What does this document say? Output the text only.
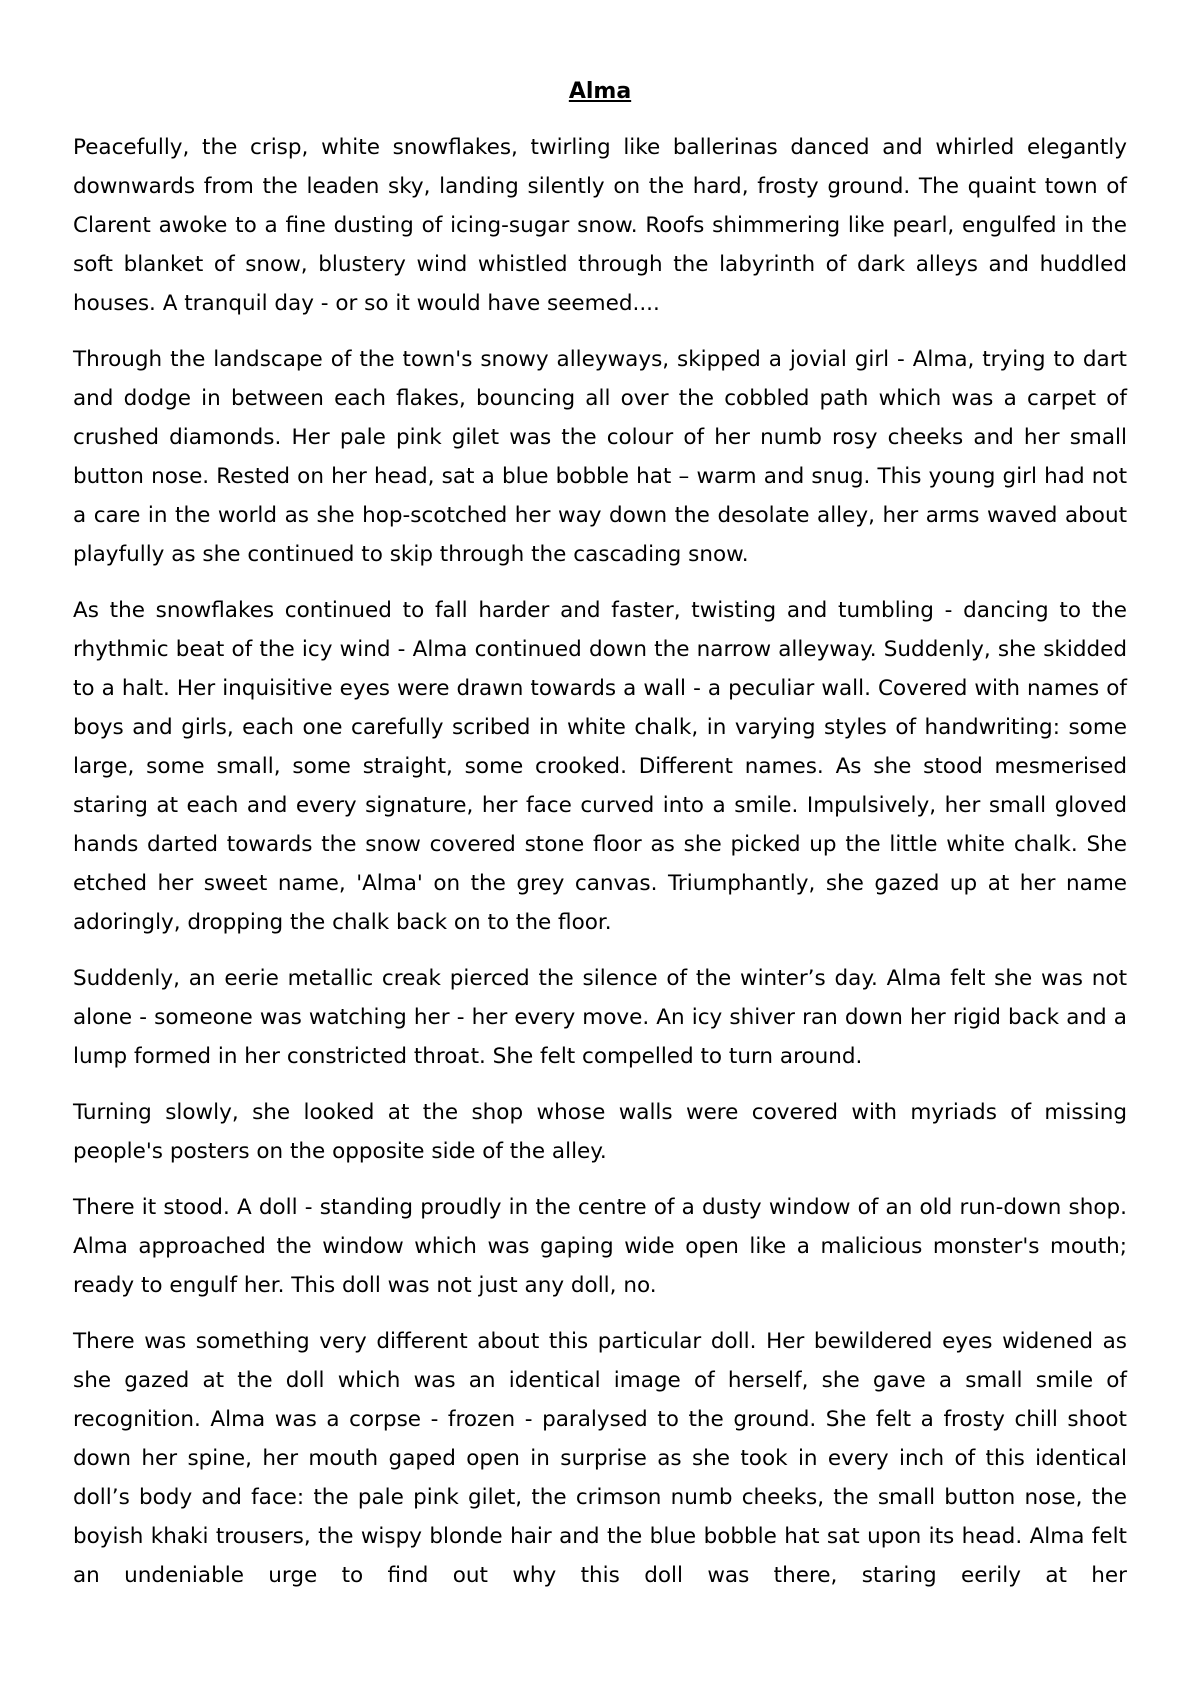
Alma

Peacefully, the crisp, white snowflakes, twirling like ballerinas danced and whirled elegantly downwards from the leaden sky, landing silently on the hard, frosty ground. The quaint town of Clarent awoke to a fine dusting of icing-sugar snow. Roofs shimmering like pearl, engulfed in the soft blanket of snow, blustery wind whistled through the labyrinth of dark alleys and huddled houses. A tranquil day - or so it would have seemed....

Through the landscape of the town's snowy alleyways, skipped a jovial girl - Alma, trying to dart and dodge in between each flakes, bouncing all over the cobbled path which was a carpet of crushed diamonds. Her pale pink gilet was the colour of her numb rosy cheeks and her small button nose. Rested on her head, sat a blue bobble hat – warm and snug. This young girl had not a care in the world as she hop-scotched her way down the desolate alley, her arms waved about playfully as she continued to skip through the cascading snow.

As the snowflakes continued to fall harder and faster, twisting and tumbling - dancing to the rhythmic beat of the icy wind - Alma continued down the narrow alleyway. Suddenly, she skidded to a halt. Her inquisitive eyes were drawn towards a wall - a peculiar wall. Covered with names of boys and girls, each one carefully scribed in white chalk, in varying styles of handwriting: some large, some small, some straight, some crooked. Different names. As she stood mesmerised staring at each and every signature, her face curved into a smile. Impulsively, her small gloved hands darted towards the snow covered stone floor as she picked up the little white chalk. She etched her sweet name, 'Alma' on the grey canvas. Triumphantly, she gazed up at her name adoringly, dropping the chalk back on to the floor.

Suddenly, an eerie metallic creak pierced the silence of the winter’s day. Alma felt she was not alone - someone was watching her - her every move. An icy shiver ran down her rigid back and a lump formed in her constricted throat. She felt compelled to turn around.

Turning slowly, she looked at the shop whose walls were covered with myriads of missing people's posters on the opposite side of the alley.

There it stood. A doll - standing proudly in the centre of a dusty window of an old run-down shop. Alma approached the window which was gaping wide open like a malicious monster's mouth; ready to engulf her. This doll was not just any doll, no.

There was something very different about this particular doll. Her bewildered eyes widened as she gazed at the doll which was an identical image of herself, she gave a small smile of recognition. Alma was a corpse - frozen - paralysed to the ground. She felt a frosty chill shoot down her spine, her mouth gaped open in surprise as she took in every inch of this identical doll’s body and face: the pale pink gilet, the crimson numb cheeks, the small button nose, the boyish khaki trousers, the wispy blonde hair and the blue bobble hat sat upon its head. Alma felt an undeniable urge to find out why this doll was there, staring eerily at her
